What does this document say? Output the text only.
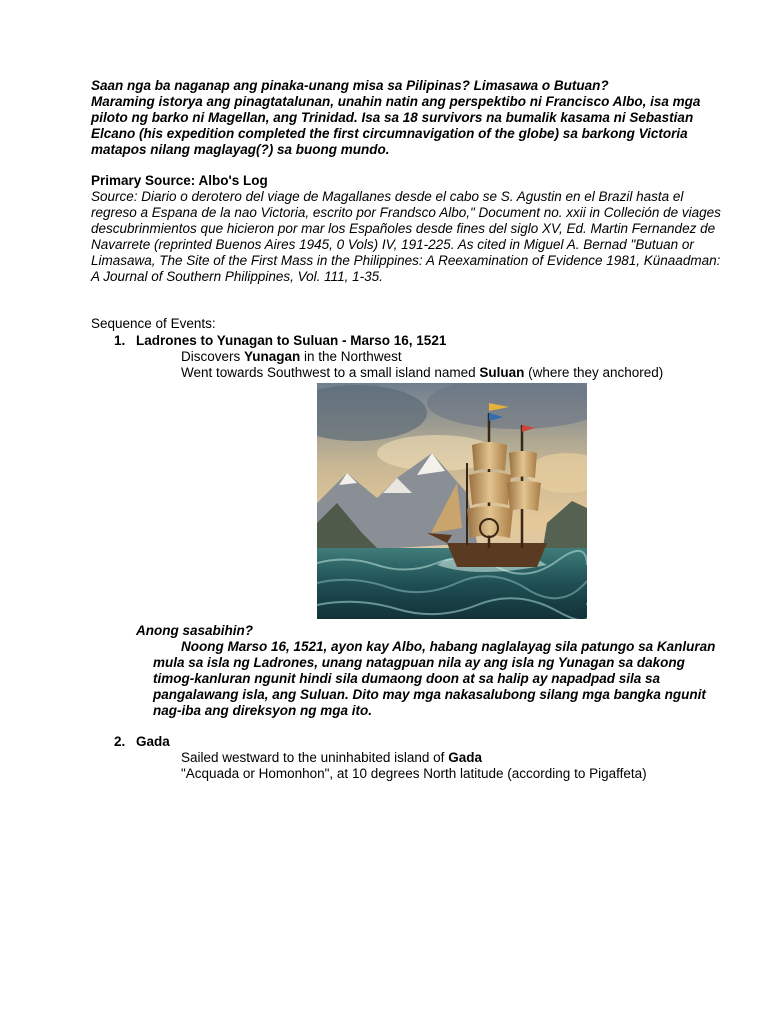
Saan nga ba naganap ang pinaka-unang misa sa Pilipinas? Limasawa o Butuan?

Maraming istorya ang pinagtatalunan, unahin natin ang perspektibo ni Francisco Albo, isa mga piloto ng barko ni Magellan, ang Trinidad. Isa sa 18 survivors na bumalik kasama ni Sebastian Elcano (his expedition completed the first circumnavigation of the globe) sa barkong Victoria matapos nilang maglayag(?) sa buong mundo.

Primary Source: Albo's Log
Source: Diario o derotero del viage de Magallanes desde el cabo se S. Agustin en el Brazil hasta el regreso a Espana de la nao Victoria, escrito por Frandsco Albo," Document no. xxii in Colleción de viages descubrinmientos que hicieron por mar los Españoles desde fines del siglo XV, Ed. Martin Fernandez de Navarrete (reprinted Buenos Aires 1945, 0 Vols) IV, 191-225. As cited in Miguel A. Bernad "Butuan or Limasawa, The Site of the First Mass in the Philippines: A Reexamination of Evidence 1981, Künaadman: A Journal of Southern Philippines, Vol. 111, 1-35.
Sequence of Events:
1. Ladrones to Yunagan to Suluan - Marso 16, 1521
Discovers Yunagan in the Northwest
Went towards Southwest to a small island named Suluan (where they anchored)
Anong sasabihin?

Noong Marso 16, 1521, ayon kay Albo, habang naglalayag sila patungo sa Kanluran mula sa isla ng Ladrones, unang natagpuan nila ay ang isla ng Yunagan sa dakong timog-kanluran ngunit hindi sila dumaong doon at sa halip ay napadpad sila sa pangalawang isla, ang Suluan. Dito may mga nakasalubong silang mga bangka ngunit nag-iba ang direksyon ng mga ito.

2. Gada
Sailed westward to the uninhabited island of Gada
"Acquada or Homonhon", at 10 degrees North latitude (according to Pigaffeta)
